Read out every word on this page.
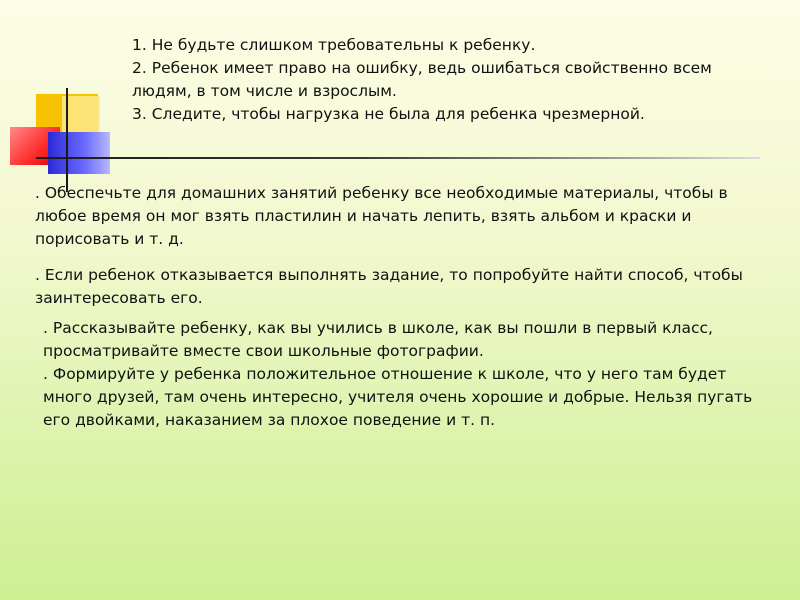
1. Не будьте слишком требовательны к ребенку.

2. Ребенок имеет право на ошибку, ведь ошибаться свойственно всем людям, в том числе и взрослым.

3. Следите, чтобы нагрузка не была для ребенка чрезмерной.

. Обеспечьте для домашних занятий ребенку все необходимые материалы, чтобы в любое время он мог взять пластилин и начать лепить, взять альбом и краски и порисовать и т. д.

. Если ребенок отказывается выполнять задание, то попробуйте найти способ, чтобы заинтересовать его.

. Рассказывайте ребенку, как вы учились в школе, как вы пошли в первый класс, просматривайте вместе свои школьные фотографии.

. Формируйте у ребенка положительное отношение к школе, что у него там будет много друзей, там очень интересно, учителя очень хорошие и добрые. Нельзя пугать его двойками, наказанием за плохое поведение и т. п.
